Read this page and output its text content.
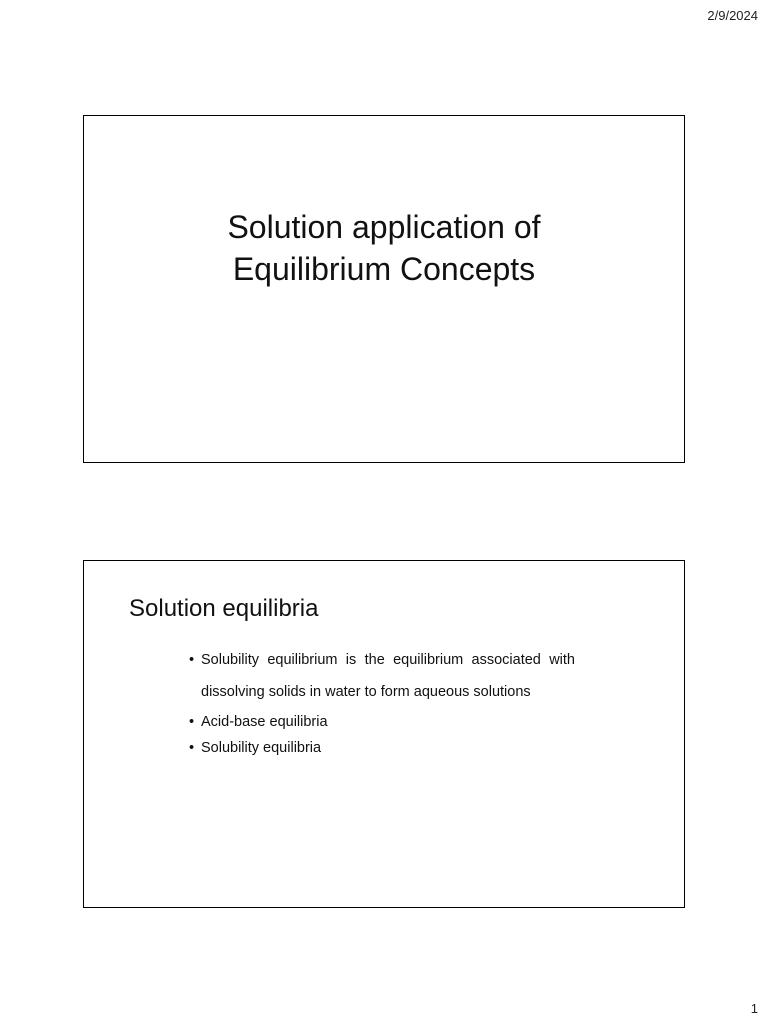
2/9/2024
Solution application of
Equilibrium Concepts
Solution equilibria
• Solubility equilibrium is the equilibrium associated with dissolving solids in water to form aqueous solutions
• Acid-base equilibria
• Solubility equilibria
1
